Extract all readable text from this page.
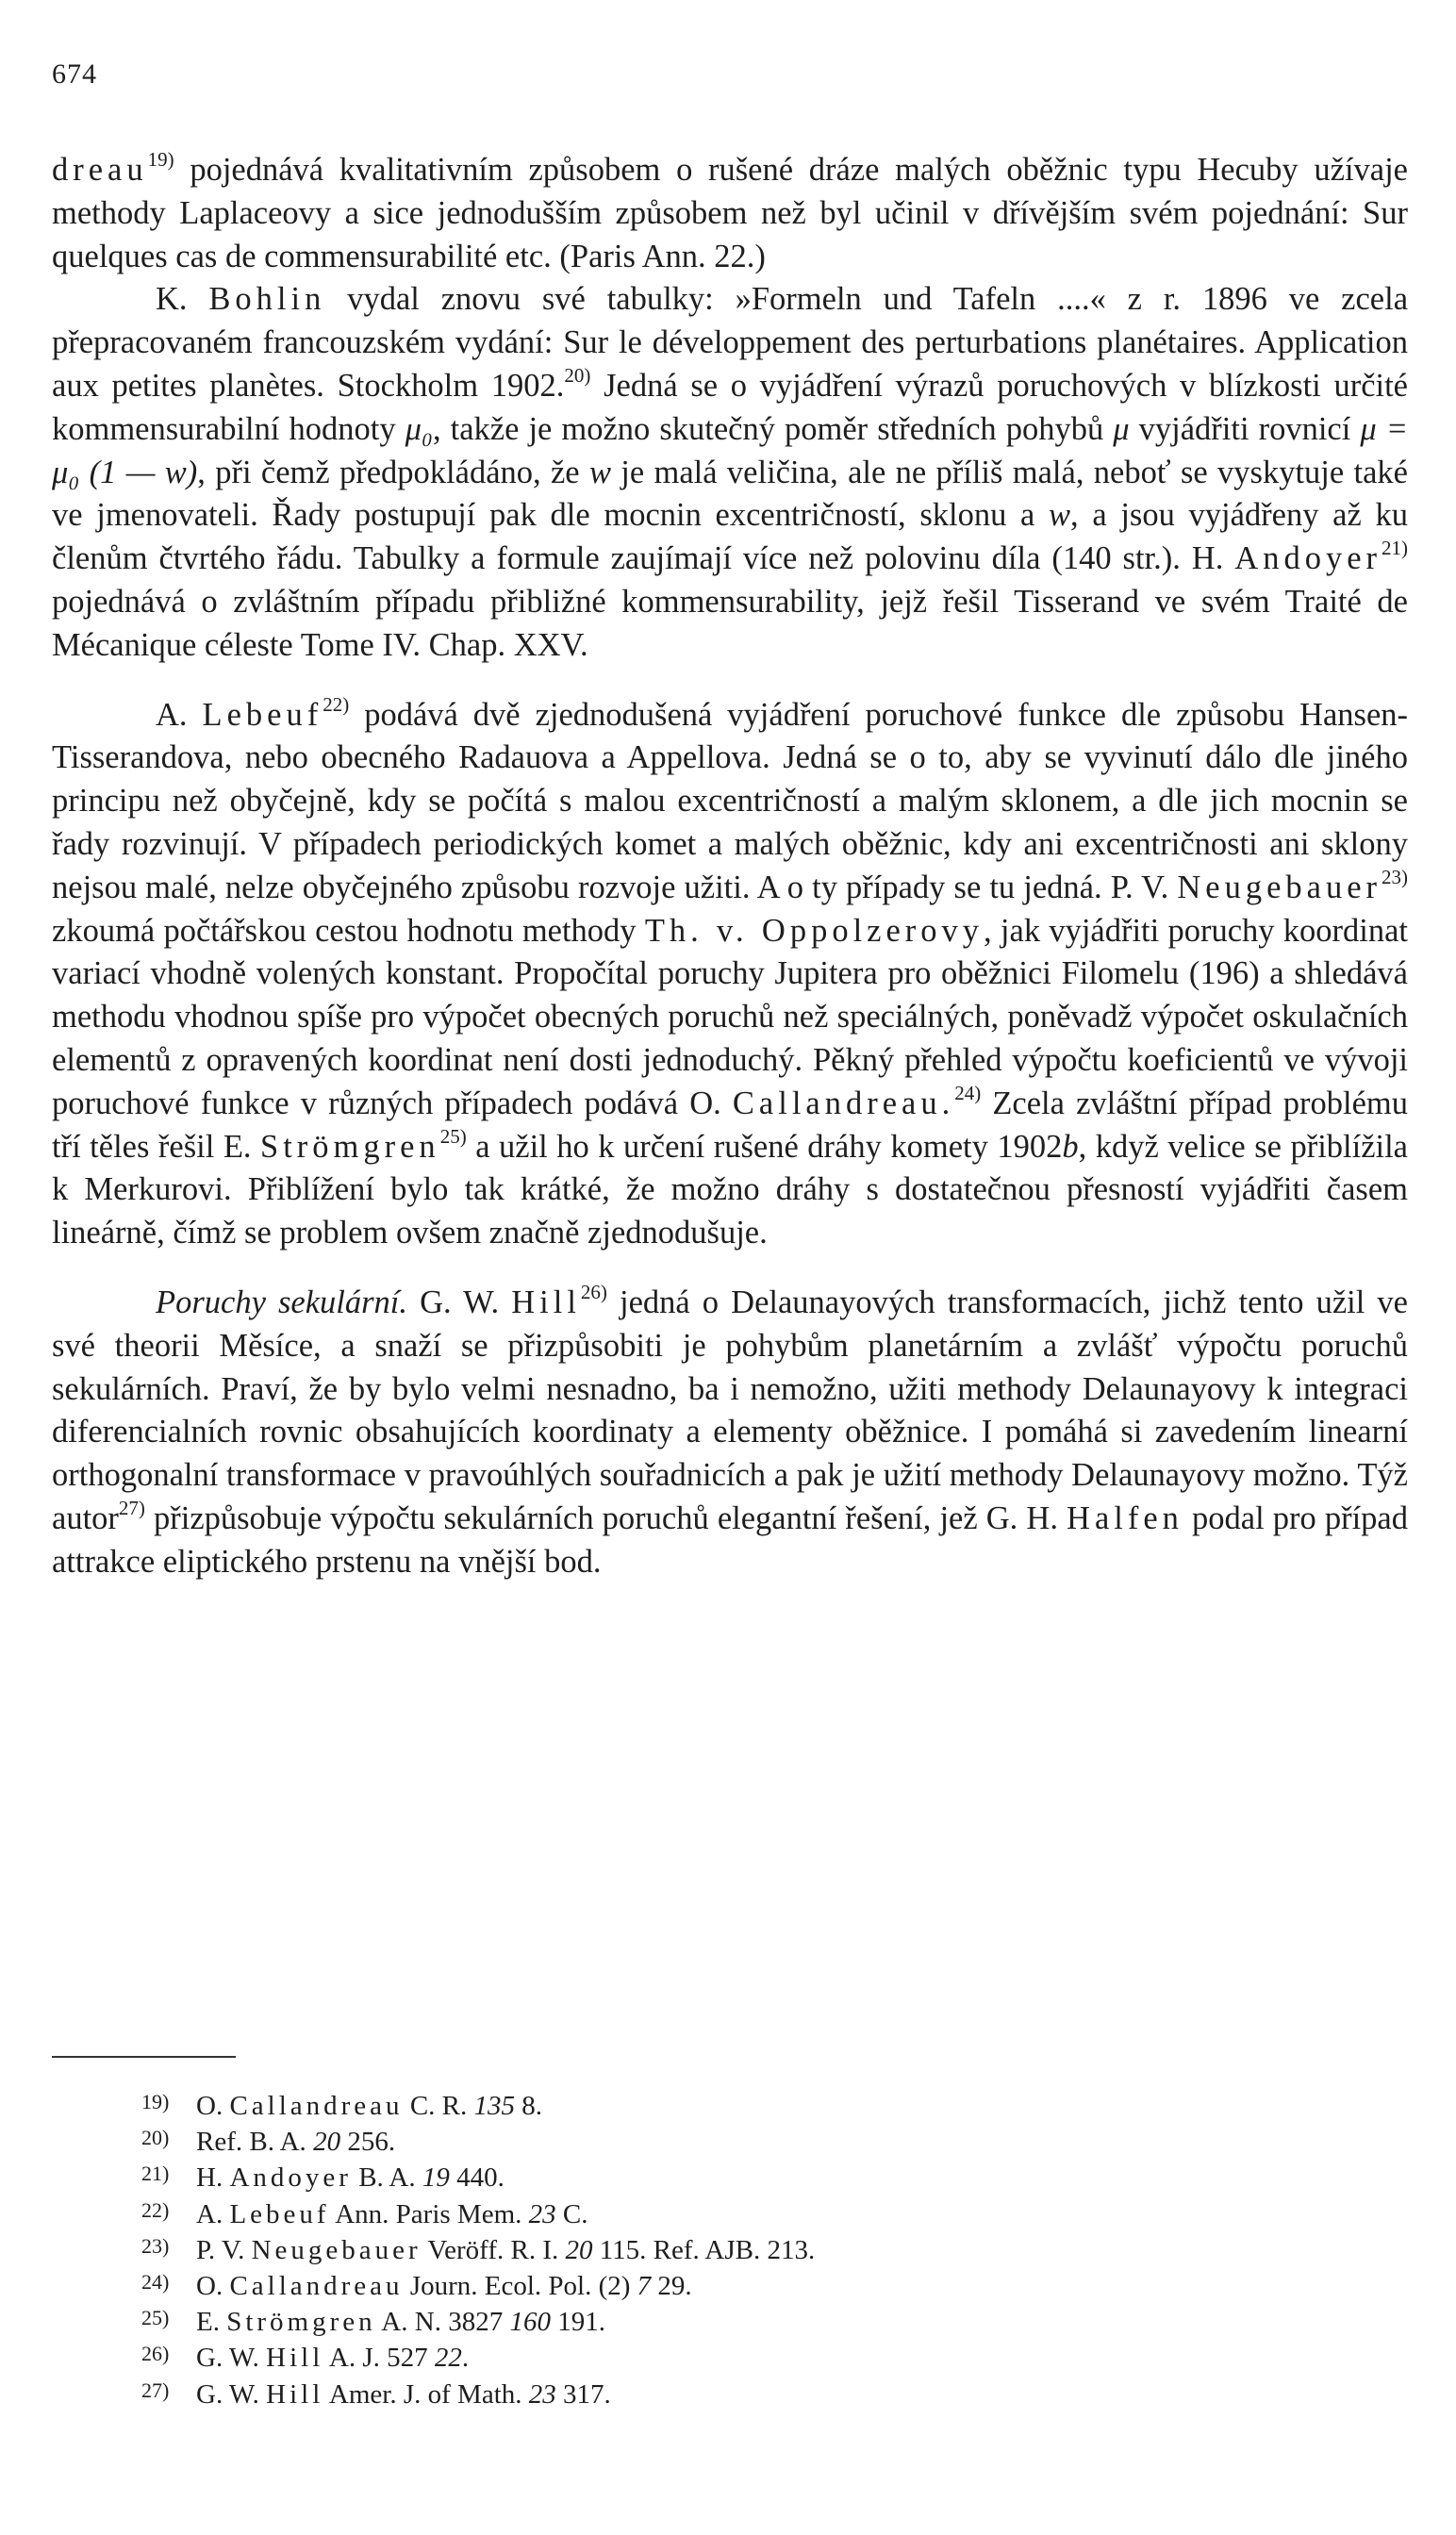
674

dreau$^{19)}$ pojednává kvalitativním způsobem o rušené dráze malých oběžnic typu Hecuby užívaje methody Laplaceovy a sice jednodušším způsobem než byl učinil v dřívějším svém pojednání: Sur quelques cas de commensurabilité etc. (Paris Ann. 22.)

K. Bohlin vydal znovu své tabulky: »Formeln und Tafeln ....« z r. 1896 ve zcela přepracovaném francouzském vydání: Sur le développement des perturbations planétaires. Application aux petites planètes. Stockholm 1902.$^{20)}$ Jedná se o vyjádření výrazů poruchových v blízkosti určité kommensurabilní hodnoty μ₀, takže je možno skutečný poměr středních pohybů μ vyjádřiti rovnicí μ = μ₀ (1 — w), při čemž předpokládáno, že w je malá veličina, ale ne příliš malá, neboť se vyskytuje také ve jmenovateli. Řady postupují pak dle mocnin excentričností, sklonu a w, a jsou vyjádřeny až ku členům čtvrtého řádu. Tabulky a formule zaujímají více než polovinu díla (140 str.). H. Andoyer$^{21)}$ pojednává o zvláštním případu přibližné kommensurability, jejž řešil Tisserand ve svém Traité de Mécanique céleste Tome IV. Chap. XXV.

A. Lebeuf$^{22)}$ podává dvě zjednodušená vyjádření poruchové funkce dle způsobu Hansen-Tisserandova, nebo obecného Radauova a Appellova. Jedná se o to, aby se vyvinutí dálo dle jiného principu než obyčejně, kdy se počítá s malou excentričností a malým sklonem, a dle jich mocnin se řady rozvinují. V případech periodických komet a malých oběžnic, kdy ani excentričnosti ani sklony nejsou malé, nelze obyčejného způsobu rozvoje užiti. A o ty případy se tu jedná. P. V. Neugebauer$^{23)}$ zkoumá počtářskou cestou hodnotu methody Th. v. Oppolzerovy, jak vyjádřiti poruchy koordinat variací vhodně volených konstant. Propočítal poruchy Jupitera pro oběžnici Filomelu (196) a shledává methodu vhodnou spíše pro výpočet obecných poruchů než speciálných, poněvadž výpočet oskulačních elementů z opravených koordinat není dosti jednoduchý. Pěkný přehled výpočtu koeficientů ve vývoji poruchové funkce v různých případech podává O. Callandreau.$^{24)}$ Zcela zvláštní případ problému tří těles řešil E. Strömgren$^{25)}$ a užil ho k určení rušené dráhy komety 1902b, když velice se přiblížila k Merkurovi. Přiblížení bylo tak krátké, že možno dráhy s dostatečnou přesností vyjádřiti časem lineárně, čímž se problem ovšem značně zjednodušuje.

Poruchy sekulární. G. W. Hill$^{26)}$ jedná o Delaunayových transformacích, jichž tento užil ve své theorii Měsíce, a snaží se přizpůsobiti je pohybům planetárním a zvlášť výpočtu poruchů sekulárních. Praví, že by bylo velmi nesnadno, ba i nemožno, užiti methody Delaunayovy k integraci diferencialních rovnic obsahujících koordinaty a elementy oběžnice. I pomáhá si zavedením linearní orthogonalní transformace v pravoúhlých souřadnicích a pak je užití methody Delaunayovy možno. Týž autor$^{27)}$ přizpůsobuje výpočtu sekulárních poruchů elegantní řešení, jež G. H. Halfen podal pro případ attrakce eliptického prstenu na vnější bod.

19) O. Callandreau C. R. 135 8.
20) Ref. B. A. 20 256.
21) H. Andoyer B. A. 19 440.
22) A. Lebeuf Ann. Paris Mem. 23 C.
23) P. V. Neugebauer Veröff. R. I. 20 115. Ref. AJB. 213.
24) O. Callandreau Journ. Ecol. Pol. (2) 7 29.
25) E. Strömgren A. N. 3827 160 191.
26) G. W. Hill A. J. 527 22.
27) G. W. Hill Amer. J. of Math. 23 317.
